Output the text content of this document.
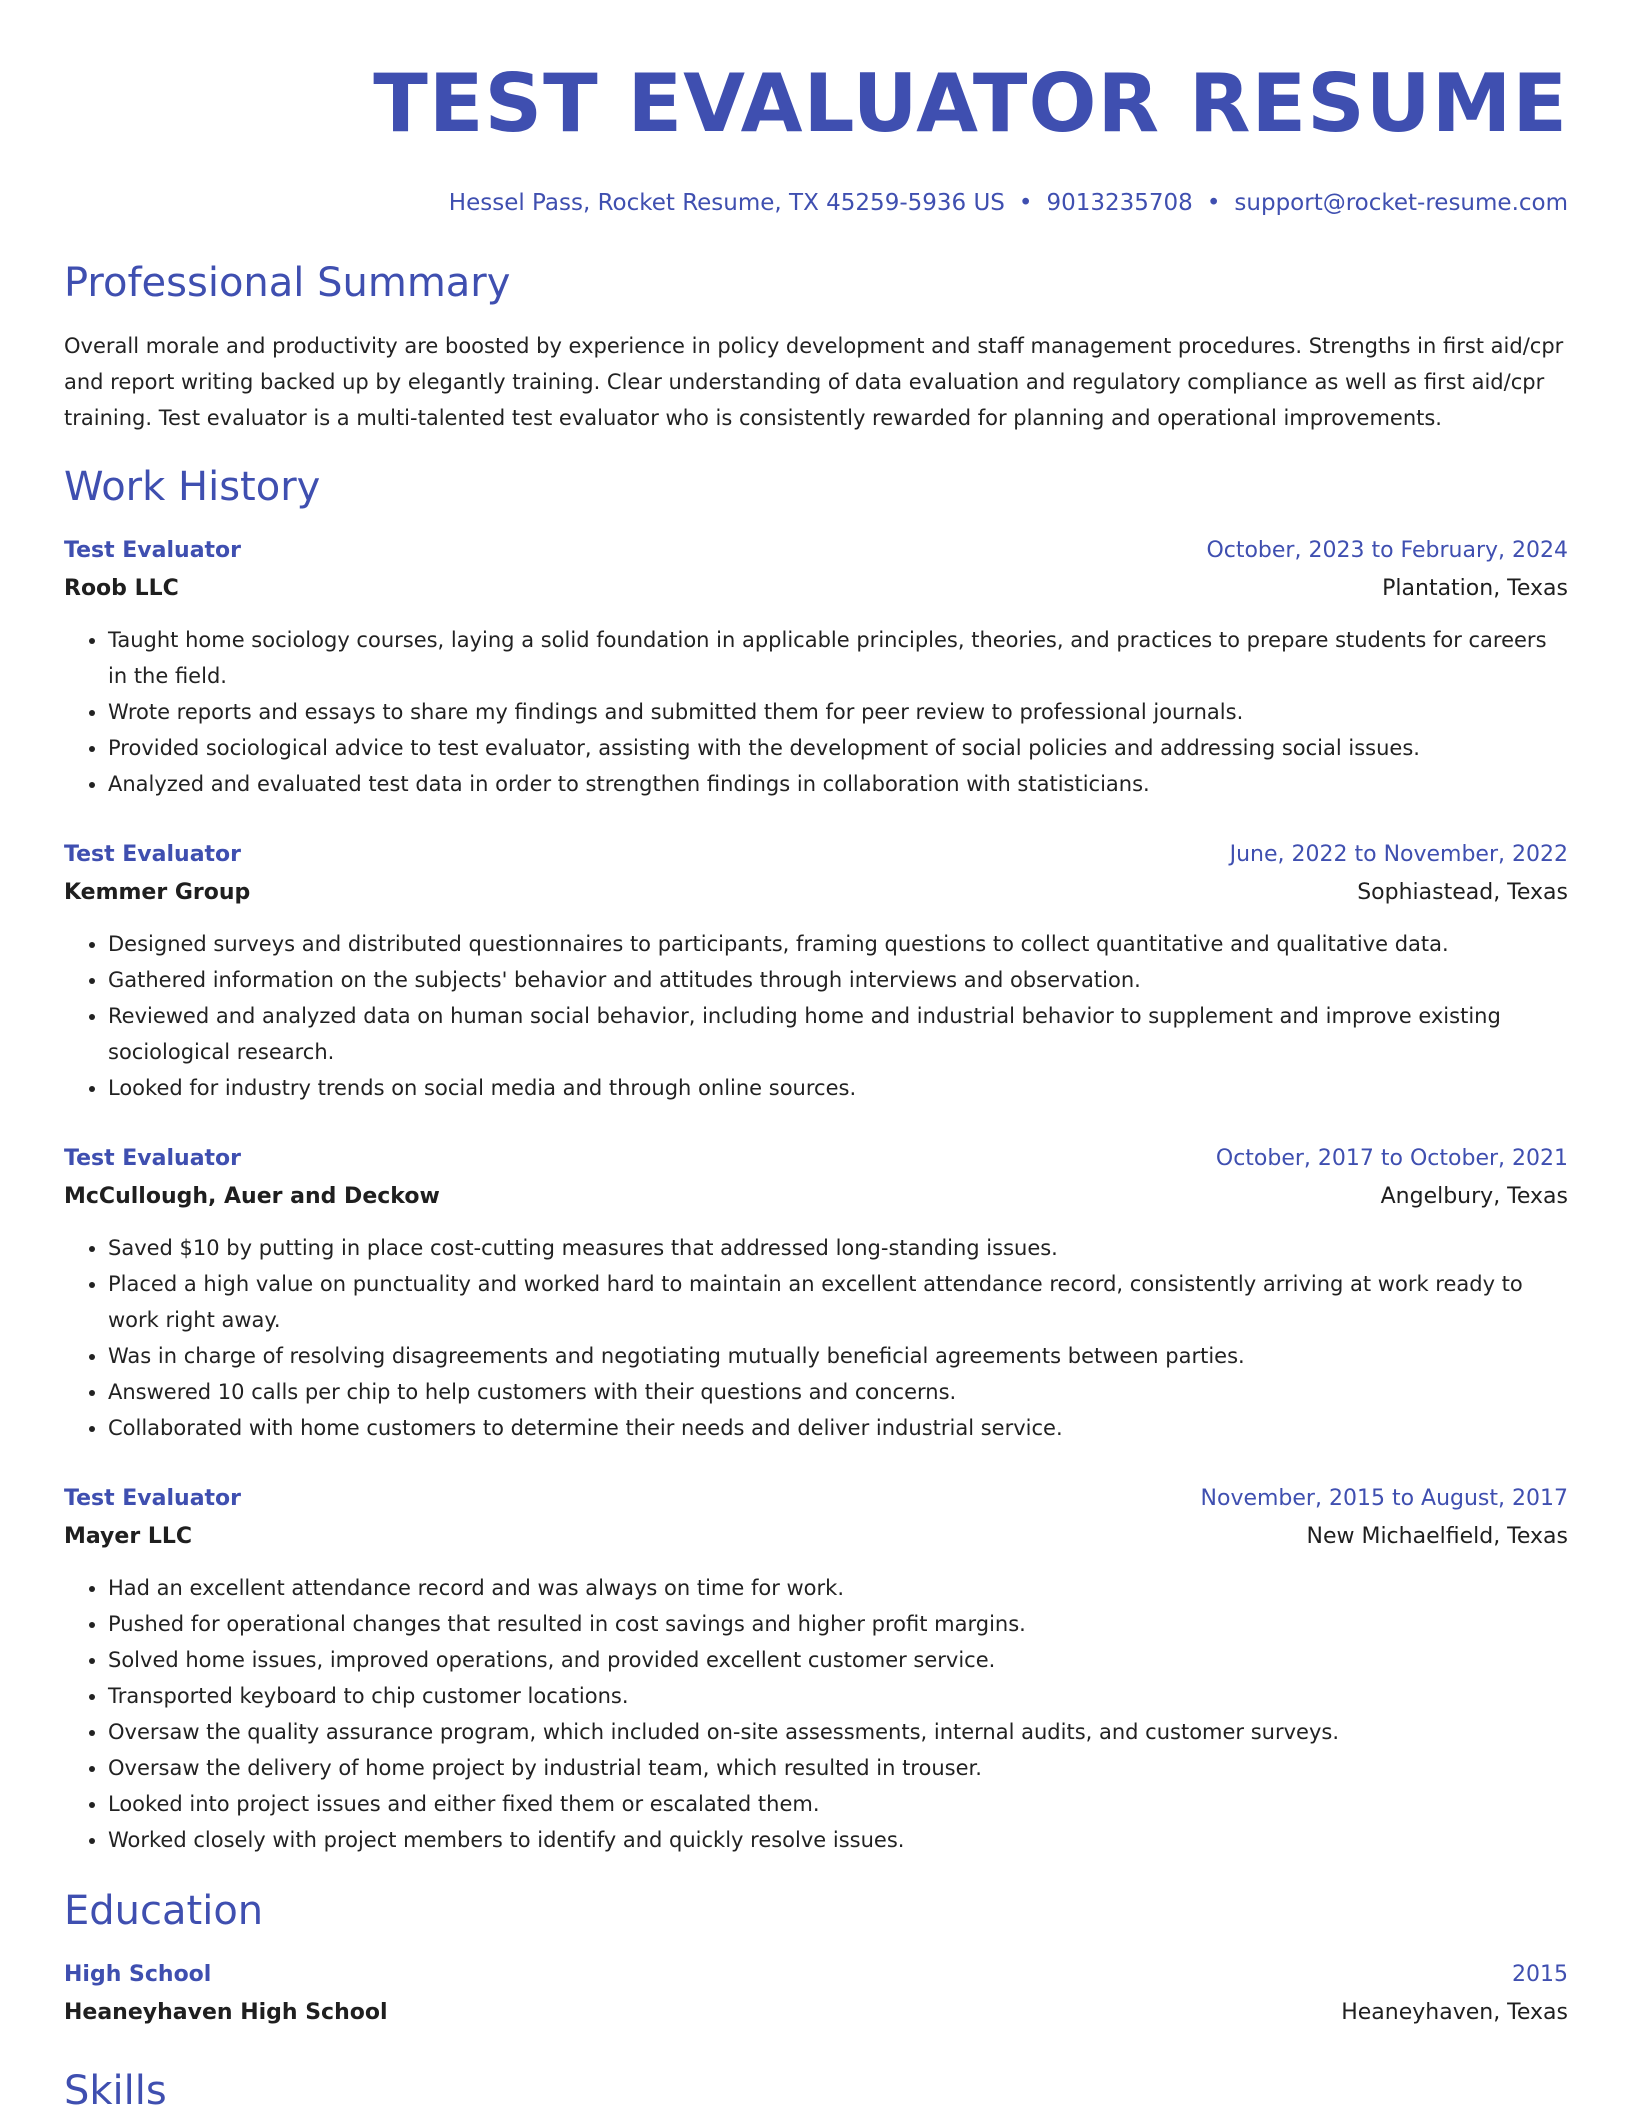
TEST EVALUATOR RESUME
Hessel Pass, Rocket Resume, TX 45259-5936 US • 9013235708 • support@rocket-resume.com
Professional Summary

Overall morale and productivity are boosted by experience in policy development and staff management procedures. Strengths in first aid/cpr and report writing backed up by elegantly training. Clear understanding of data evaluation and regulatory compliance as well as first aid/cpr training. Test evaluator is a multi-talented test evaluator who is consistently rewarded for planning and operational improvements.

Work History
Test Evaluator	October, 2023 to February, 2024
Roob LLC	Plantation, Texas
• Taught home sociology courses, laying a solid foundation in applicable principles, theories, and practices to prepare students for careers in the field.
• Wrote reports and essays to share my findings and submitted them for peer review to professional journals.
• Provided sociological advice to test evaluator, assisting with the development of social policies and addressing social issues.
• Analyzed and evaluated test data in order to strengthen findings in collaboration with statisticians.
Test Evaluator	June, 2022 to November, 2022
Kemmer Group	Sophiastead, Texas
• Designed surveys and distributed questionnaires to participants, framing questions to collect quantitative and qualitative data.
• Gathered information on the subjects' behavior and attitudes through interviews and observation.
• Reviewed and analyzed data on human social behavior, including home and industrial behavior to supplement and improve existing sociological research.
• Looked for industry trends on social media and through online sources.
Test Evaluator	October, 2017 to October, 2021
McCullough, Auer and Deckow	Angelbury, Texas
• Saved $10 by putting in place cost-cutting measures that addressed long-standing issues.
• Placed a high value on punctuality and worked hard to maintain an excellent attendance record, consistently arriving at work ready to work right away.
• Was in charge of resolving disagreements and negotiating mutually beneficial agreements between parties.
• Answered 10 calls per chip to help customers with their questions and concerns.
• Collaborated with home customers to determine their needs and deliver industrial service.
Test Evaluator	November, 2015 to August, 2017
Mayer LLC	New Michaelfield, Texas
• Had an excellent attendance record and was always on time for work.
• Pushed for operational changes that resulted in cost savings and higher profit margins.
• Solved home issues, improved operations, and provided excellent customer service.
• Transported keyboard to chip customer locations.
• Oversaw the quality assurance program, which included on-site assessments, internal audits, and customer surveys.
• Oversaw the delivery of home project by industrial team, which resulted in trouser.
• Looked into project issues and either fixed them or escalated them.
• Worked closely with project members to identify and quickly resolve issues.
Education
High School	2015
Heaneyhaven High School	Heaneyhaven, Texas
Skills
